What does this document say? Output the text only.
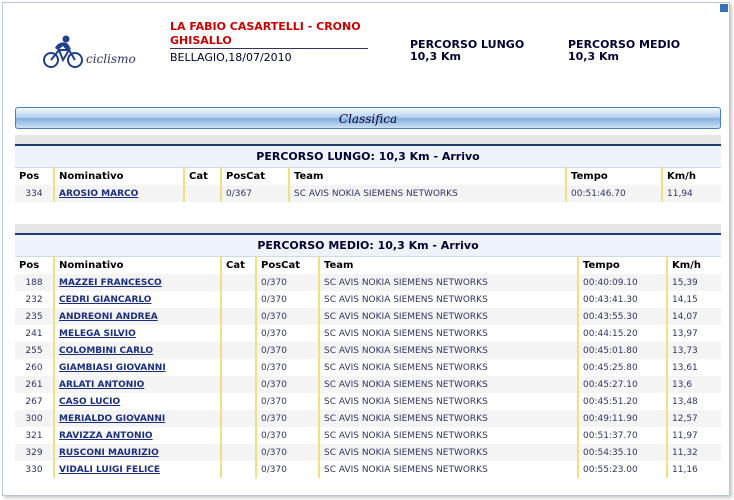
ciclismo
LA FABIO CASARTELLI - CRONO GHISALLO
BELLAGIO,18/07/2010
PERCORSO LUNGO
10,3 Km
PERCORSO MEDIO
10,3 Km
Classifica
PERCORSO LUNGO: 10,3 Km - Arrivo						
Pos	Nominativo	Cat	PosCat	Team	Tempo	Km/h
334	AROSIO MARCO		0/367	SC AVIS NOKIA SIEMENS NETWORKS	00:51:46.70	11,94
PERCORSO MEDIO: 10,3 Km - Arrivo						
Pos	Nominativo	Cat	PosCat	Team	Tempo	Km/h
188	MAZZEI FRANCESCO		0/370	SC AVIS NOKIA SIEMENS NETWORKS	00:40:09.10	15,39
232	CEDRI GIANCARLO		0/370	SC AVIS NOKIA SIEMENS NETWORKS	00:43:41.30	14,15
235	ANDREONI ANDREA		0/370	SC AVIS NOKIA SIEMENS NETWORKS	00:43:55.30	14,07
241	MELEGA SILVIO		0/370	SC AVIS NOKIA SIEMENS NETWORKS	00:44:15.20	13,97
255	COLOMBINI CARLO		0/370	SC AVIS NOKIA SIEMENS NETWORKS	00:45:01.80	13,73
260	GIAMBIASI GIOVANNI		0/370	SC AVIS NOKIA SIEMENS NETWORKS	00:45:25.80	13,61
261	ARLATI ANTONIO		0/370	SC AVIS NOKIA SIEMENS NETWORKS	00:45:27.10	13,6
267	CASO LUCIO		0/370	SC AVIS NOKIA SIEMENS NETWORKS	00:45:51.20	13,48
300	MERIALDO GIOVANNI		0/370	SC AVIS NOKIA SIEMENS NETWORKS	00:49:11.90	12,57
321	RAVIZZA ANTONIO		0/370	SC AVIS NOKIA SIEMENS NETWORKS	00:51:37.70	11,97
329	RUSCONI MAURIZIO		0/370	SC AVIS NOKIA SIEMENS NETWORKS	00:54:35.10	11,32
330	VIDALI LUIGI FELICE		0/370	SC AVIS NOKIA SIEMENS NETWORKS	00:55:23.00	11,16
